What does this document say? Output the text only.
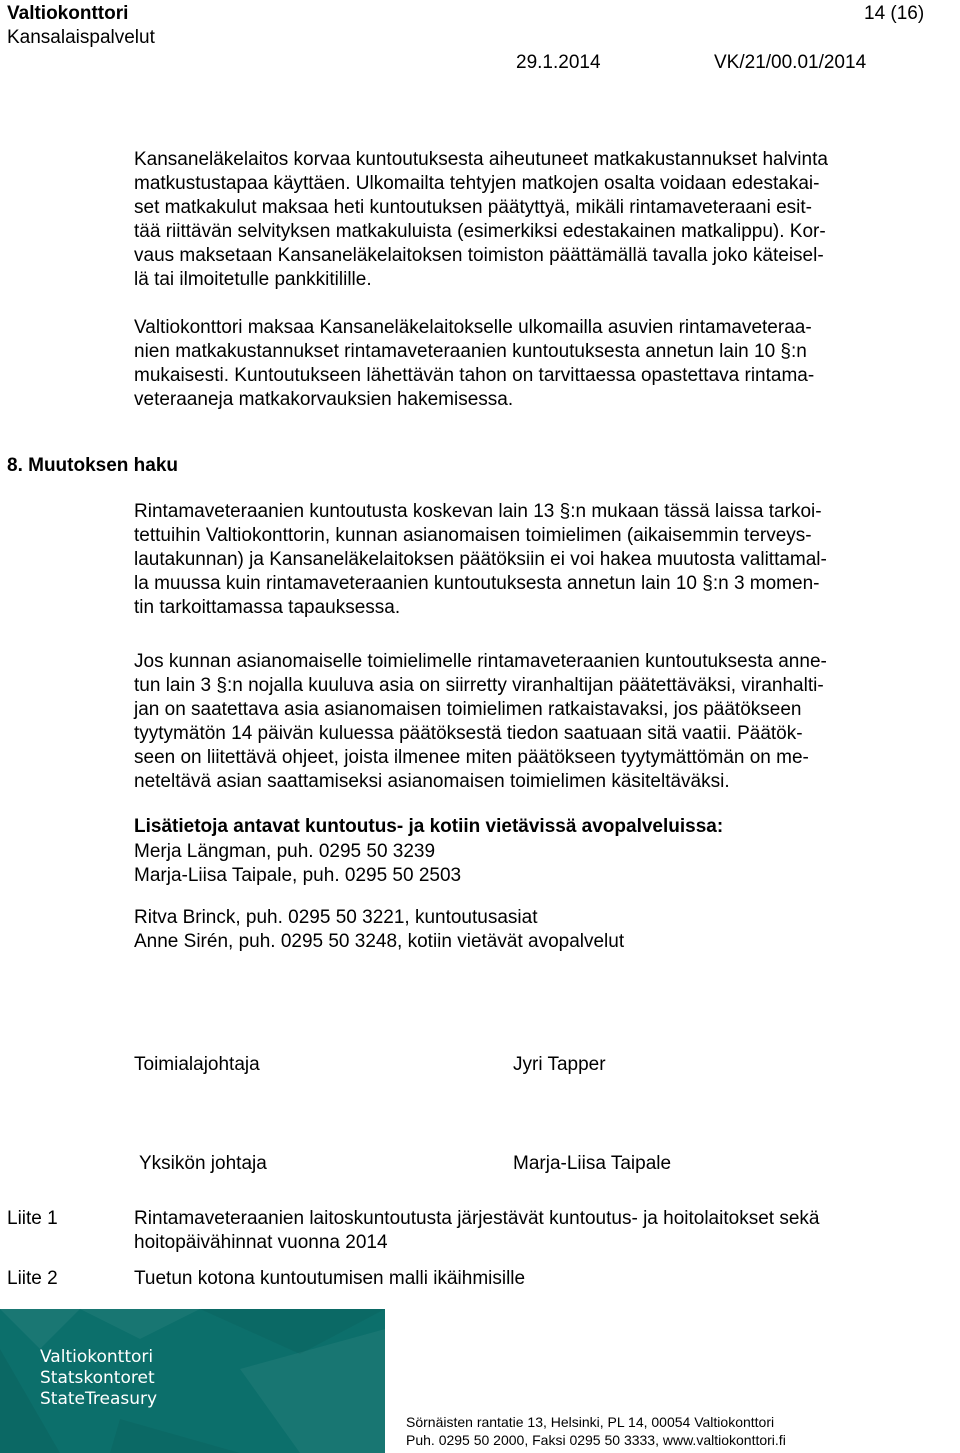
Valtiokonttori
Kansalaispalvelut
14 (16)
29.1.2014	VK/21/00.01/2014
Kansaneläkelaitos korvaa kuntoutuksesta aiheutuneet matkakustannukset halvinta
matkustustapaa käyttäen. Ulkomailta tehtyjen matkojen osalta voidaan edestakai-
set matkakulut maksaa heti kuntoutuksen päätyttyä, mikäli rintamaveteraani esit-
tää riittävän selvityksen matkakuluista (esimerkiksi edestakainen matkalippu). Kor-
vaus maksetaan Kansaneläkelaitoksen toimiston päättämällä tavalla joko käteisel-
lä tai ilmoitetulle pankkitilille.
Valtiokonttori maksaa Kansaneläkelaitokselle ulkomailla asuvien rintamaveteraa-
nien matkakustannukset rintamaveteraanien kuntoutuksesta annetun lain 10 §:n
mukaisesti. Kuntoutukseen lähettävän tahon on tarvittaessa opastettava rintama-
veteraaneja matkakorvauksien hakemisessa.
8. Muutoksen haku
Rintamaveteraanien kuntoutusta koskevan lain 13 §:n mukaan tässä laissa tarkoi-
tettuihin Valtiokonttorin, kunnan asianomaisen toimielimen (aikaisemmin terveys-
lautakunnan) ja Kansaneläkelaitoksen päätöksiin ei voi hakea muutosta valittamal-
la muussa kuin rintamaveteraanien kuntoutuksesta annetun lain 10 §:n 3 momen-
tin tarkoittamassa tapauksessa.
Jos kunnan asianomaiselle toimielimelle rintamaveteraanien kuntoutuksesta anne-
tun lain 3 §:n nojalla kuuluva asia on siirretty viranhaltijan päätettäväksi, viranhalti-
jan on saatettava asia asianomaisen toimielimen ratkaistavaksi, jos päätökseen
tyytymätön 14 päivän kuluessa päätöksestä tiedon saatuaan sitä vaatii. Päätök-
seen on liitettävä ohjeet, joista ilmenee miten päätökseen tyytymättömän on me-
neteltävä asian saattamiseksi asianomaisen toimielimen käsiteltäväksi.
Lisätietoja antavat kuntoutus- ja kotiin vietävissä avopalveluissa:
Merja Längman, puh. 0295 50 3239
Marja-Liisa Taipale, puh. 0295 50 2503
Ritva Brinck, puh. 0295 50 3221, kuntoutusasiat
Anne Sirén, puh. 0295 50 3248, kotiin vietävät avopalvelut
Toimialajohtaja	Jyri Tapper
Yksikön johtaja	Marja-Liisa Taipale
Liite 1	Rintamaveteraanien laitoskuntoutusta järjestävät kuntoutus- ja hoitolaitokset sekä
hoitopäivähinnat vuonna 2014
Liite 2	Tuetun kotona kuntoutumisen malli ikäihmisille
Valtiokonttori
Statskontoret
StateTreasury
Sörnäisten rantatie 13, Helsinki, PL 14, 00054 Valtiokonttori
Puh. 0295 50 2000, Faksi 0295 50 3333, www.valtiokonttori.fi
